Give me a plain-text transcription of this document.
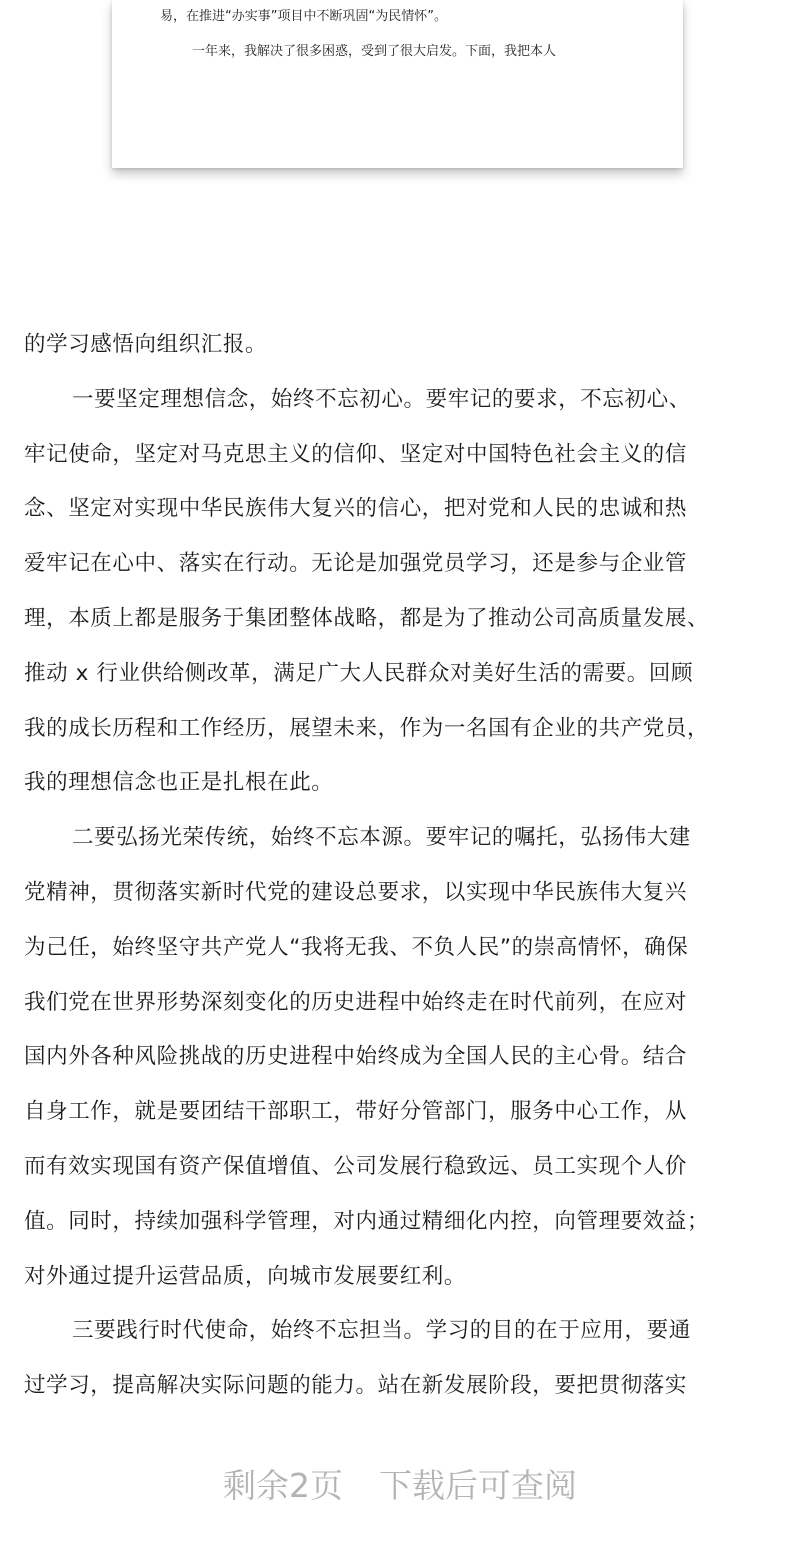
易，在推进“办实事”项目中不断巩固“为民情怀”。
一年来，我解决了很多困惑，受到了很大启发。下面，我把本人
的学习感悟向组织汇报。
一要坚定理想信念，始终不忘初心。要牢记的要求，不忘初心、
牢记使命，坚定对马克思主义的信仰、坚定对中国特色社会主义的信
念、坚定对实现中华民族伟大复兴的信心，把对党和人民的忠诚和热
爱牢记在心中、落实在行动。无论是加强党员学习，还是参与企业管
理，本质上都是服务于集团整体战略，都是为了推动公司高质量发展、
推动 x 行业供给侧改革，满足广大人民群众对美好生活的需要。回顾
我的成长历程和工作经历，展望未来，作为一名国有企业的共产党员，
我的理想信念也正是扎根在此。
二要弘扬光荣传统，始终不忘本源。要牢记的嘱托，弘扬伟大建
党精神，贯彻落实新时代党的建设总要求，以实现中华民族伟大复兴
为己任，始终坚守共产党人“我将无我、不负人民”的崇高情怀，确保
我们党在世界形势深刻变化的历史进程中始终走在时代前列，在应对
国内外各种风险挑战的历史进程中始终成为全国人民的主心骨。结合
自身工作，就是要团结干部职工，带好分管部门，服务中心工作，从
而有效实现国有资产保值增值、公司发展行稳致远、员工实现个人价
值。同时，持续加强科学管理，对内通过精细化内控，向管理要效益；
对外通过提升运营品质，向城市发展要红利。
三要践行时代使命，始终不忘担当。学习的目的在于应用，要通
过学习，提高解决实际问题的能力。站在新发展阶段，要把贯彻落实
剩余2页 下载后可查阅
